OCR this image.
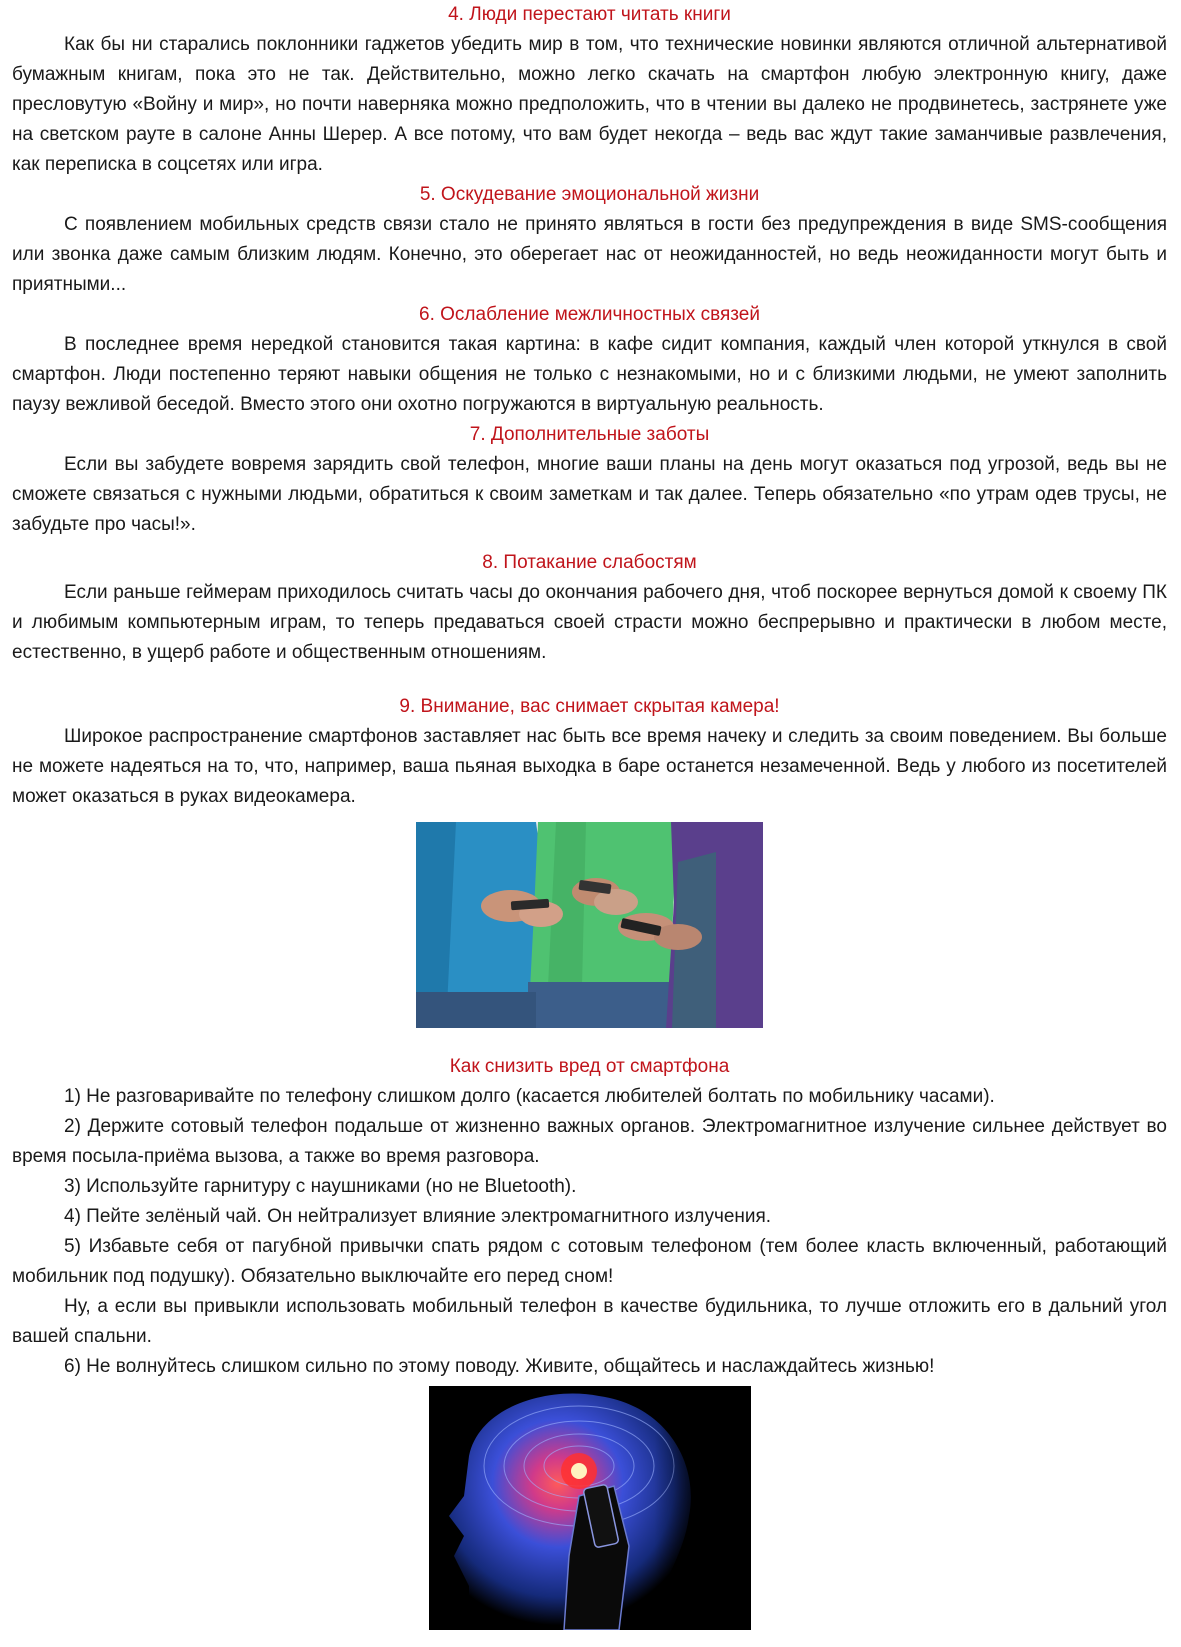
4. Люди перестают читать книги

Как бы ни старались поклонники гаджетов убедить мир в том, что технические новинки являются отличной альтернативой бумажным книгам, пока это не так. Действительно, можно легко скачать на смартфон любую электронную книгу, даже пресловутую «Войну и мир», но почти наверняка можно предположить, что в чтении вы далеко не продвинетесь, застрянете уже на светском рауте в салоне Анны Шерер. А все потому, что вам будет некогда – ведь вас ждут такие заманчивые развлечения, как переписка в соцсетях или игра.

5. Оскудевание эмоциональной жизни

С появлением мобильных средств связи стало не принято являться в гости без предупреждения в виде SMS-сообщения или звонка даже самым близким людям. Конечно, это оберегает нас от неожиданностей, но ведь неожиданности могут быть и приятными...

6. Ослабление межличностных связей

В последнее время нередкой становится такая картина: в кафе сидит компания, каждый член которой уткнулся в свой смартфон. Люди постепенно теряют навыки общения не только с незнакомыми, но и с близкими людьми, не умеют заполнить паузу вежливой беседой. Вместо этого они охотно погружаются в виртуальную реальность.

7. Дополнительные заботы

Если вы забудете вовремя зарядить свой телефон, многие ваши планы на день могут оказаться под угрозой, ведь вы не сможете связаться с нужными людьми, обратиться к своим заметкам и так далее. Теперь обязательно «по утрам одев трусы, не забудьте про часы!».

8. Потакание слабостям

Если раньше геймерам приходилось считать часы до окончания рабочего дня, чтоб поскорее вернуться домой к своему ПК и любимым компьютерным играм, то теперь предаваться своей страсти можно беспрерывно и практически в любом месте, естественно, в ущерб работе и общественным отношениям.

9. Внимание, вас снимает скрытая камера!

Широкое распространение смартфонов заставляет нас быть все время начеку и следить за своим поведением. Вы больше не можете надеяться на то, что, например, ваша пьяная выходка в баре останется незамеченной. Ведь у любого из посетителей может оказаться в руках видеокамера.

Как снизить вред от смартфона

1) Не разговаривайте по телефону слишком долго (касается любителей болтать по мобильнику часами).

2) Держите сотовый телефон подальше от жизненно важных органов. Электромагнитное излучение сильнее действует во время посыла-приёма вызова, а также во время разговора.

3) Используйте гарнитуру с наушниками (но не Bluetooth).

4) Пейте зелёный чай. Он нейтрализует влияние электромагнитного излучения.

5) Избавьте себя от пагубной привычки спать рядом с сотовым телефоном (тем более класть включенный, работающий мобильник под подушку). Обязательно выключайте его перед сном!

Ну, а если вы привыкли использовать мобильный телефон в качестве будильника, то лучше отложить его в дальний угол вашей спальни.

6) Не волнуйтесь слишком сильно по этому поводу. Живите, общайтесь и наслаждайтесь жизнью!
